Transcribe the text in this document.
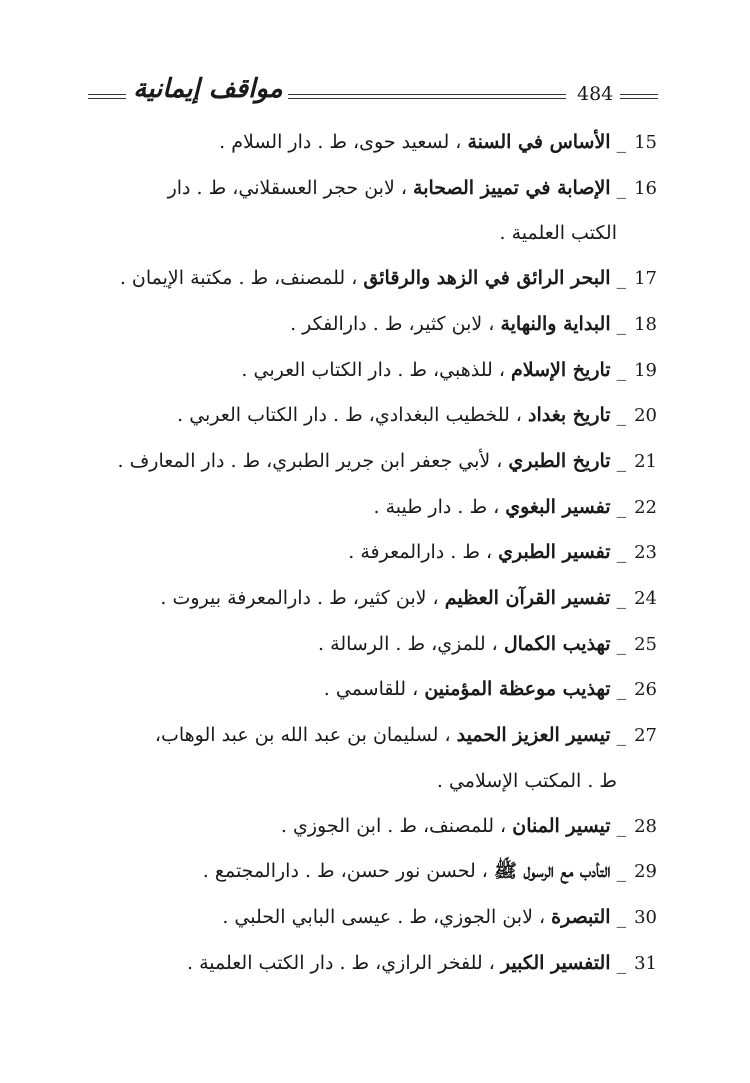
مواقف إيمانية	484
15_الأساس في السنة ، لسعيد حوى، ط . دار السلام .
16_الإصابة في تمييز الصحابة ، لابن حجر العسقلاني، ط . دار
الكتب العلمية .
17_البحر الرائق في الزهد والرقائق ، للمصنف، ط . مكتبة الإيمان .
18_البداية والنهاية ، لابن كثير، ط . دارالفكر .
19_تاريخ الإسلام ، للذهبي، ط . دار الكتاب العربي .
20_تاريخ بغداد ، للخطيب البغدادي، ط . دار الكتاب العربي .
21_تاريخ الطبري ، لأبي جعفر ابن جرير الطبري، ط . دار المعارف .
22_تفسير البغوي ، ط . دار طيبة .
23_تفسير الطبري ، ط . دارالمعرفة .
24_تفسير القرآن العظيم ، لابن كثير، ط . دارالمعرفة بيروت .
25_تهذيب الكمال ، للمزي، ط . الرسالة .
26_تهذيب موعظة المؤمنين ، للقاسمي .
27_تيسير العزيز الحميد ، لسليمان بن عبد الله بن عبد الوهاب،
ط . المكتب الإسلامي .
28_تيسير المنان ، للمصنف، ط . ابن الجوزي .
29_التأدب مع الرسول ﷺ ، لحسن نور حسن، ط . دارالمجتمع .
30_التبصرة ، لابن الجوزي، ط . عيسى البابي الحلبي .
31_التفسير الكبير ، للفخر الرازي، ط . دار الكتب العلمية .
